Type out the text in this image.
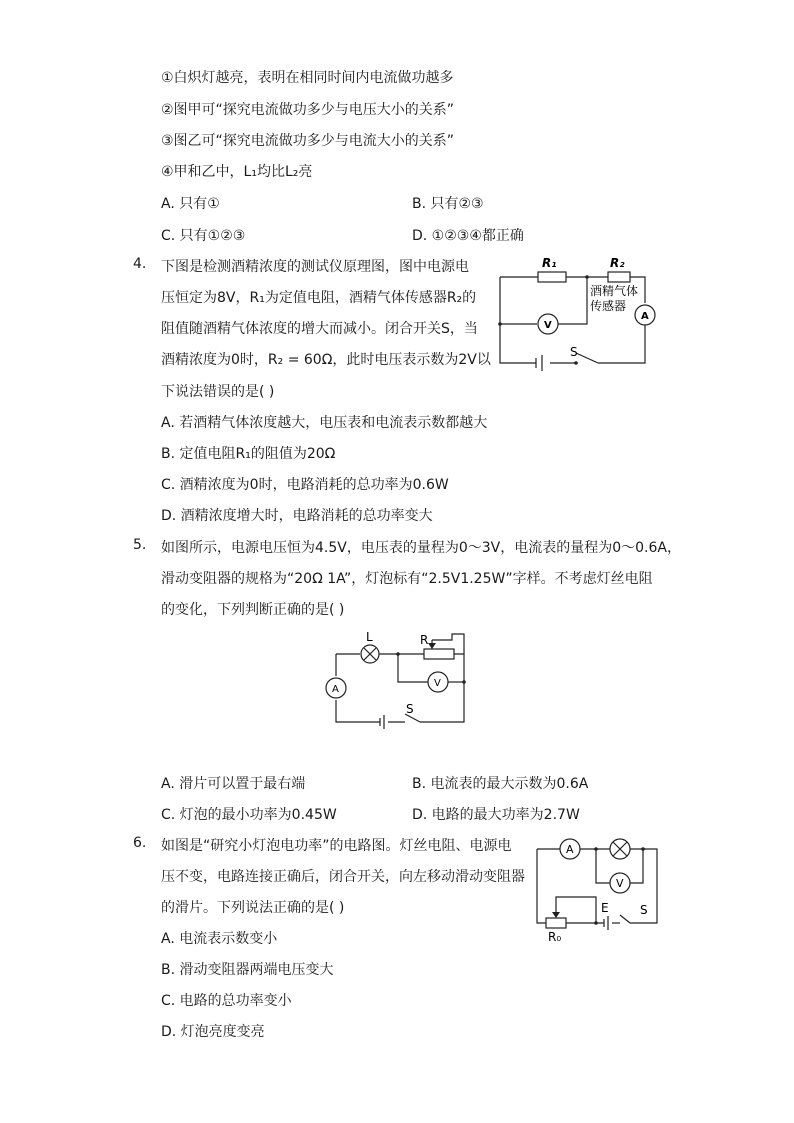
①白炽灯越亮，表明在相同时间内电流做功越多
②图甲可“探究电流做功多少与电压大小的关系”
③图乙可“探究电流做功多少与电流大小的关系”
④甲和乙中，L₁均比L₂亮
A. 只有①	B. 只有②③
C. 只有①②③	D. ①②③④都正确
4. 下图是检测酒精浓度的测试仪原理图，图中电源电
压恒定为8V，R₁为定值电阻，酒精气体传感器R₂的
阻值随酒精气体浓度的增大而减小。闭合开关S，当
酒精浓度为0时，R₂ = 60Ω，此时电压表示数为2V以
下说法错误的是( )
R₁	R₂
酒精气体
传感器
V
A
S
A. 若酒精气体浓度越大，电压表和电流表示数都越大
B. 定值电阻R₁的阻值为20Ω
C. 酒精浓度为0时，电路消耗的总功率为0.6W
D. 酒精浓度增大时，电路消耗的总功率变大
5. 如图所示，电源电压恒为4.5V，电压表的量程为0～3V，电流表的量程为0～0.6A，
滑动变阻器的规格为“20Ω 1A”，灯泡标有“2.5V1.25W”字样。不考虑灯丝电阻
的变化，下列判断正确的是( )
L	R
V
A
S
A. 滑片可以置于最右端	B. 电流表的最大示数为0.6A
C. 灯泡的最小功率为0.45W	D. 电路的最大功率为2.7W
6. 如图是“研究小灯泡电功率”的电路图。灯丝电阻、电源电
压不变，电路连接正确后，闭合开关，向左移动滑动变阻器
的滑片。下列说法正确的是( )
A
V
R₀
E	S
A. 电流表示数变小
B. 滑动变阻器两端电压变大
C. 电路的总功率变小
D. 灯泡亮度变亮
